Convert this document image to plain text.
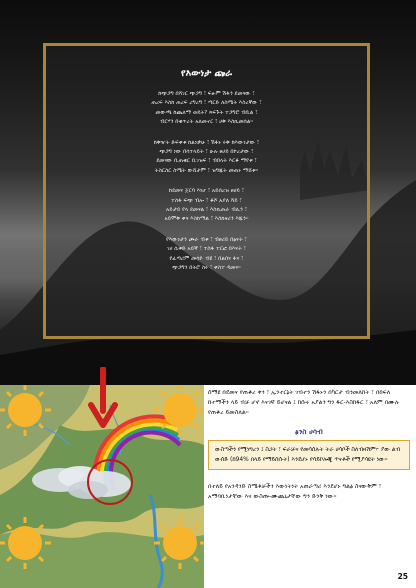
የእውነታ ጩራ
ከጭጋግ በሻገር ጭጋግ ፣ ፍፁም ሽፋን ደመናው ፣
ጠረፍ እስከ ጠረፍ ረግረግ ፣ ጣርድ ለስሜት እስረኛው ፣
መውጫ ከጨለማ ወዴት? ጻፍጉት ተጋግሮ ብቢል ፣
ብርሃን በቁጥረት አለመኖር ፣ ሀቅ እስኪመሰል።
ከቅዠት ድፍቀቱ ከልነቃሁ ፣ ሽፋኑ ሩቅ ከእውነታው ፣
ጭጋግ ነው በሳተላይት ፣ ሁሉ ፀሀይ በኮረታው ፣
ደመናው ቢጠቁር ቢገዝፍ ፣ ብበላት እርቆ ማየቱ ፣
ትስርስር ስሜት ውሸታም ፣ ዝግጁት መጠኑ ማሸቱ።
ከደመና ጀርባ እነሆ ፣ አይሰረዝ ፀሀይ ፣
ተስፋ ፍጭ ብሎ ፣ ቆሾ አያለ ሻይ ፣
አይታይ የላ ደመናል ፣ እስኪጠራ ብሊን ፣
አይሞቅ ቀና እስከማል ፣ እስከዛሪን እጁን።
የእውነታን ጮራ ብቱ ፣ ብፀሪይ በፅናት ፣
ገሀ ሲቀድ አይኛ ፣ ተስፋ ተርፎ በእናት ፣
የፈጣሪም መሳዮ ብዩ ፣ በልበና ፋና ፣
ጭጋግን በትሮ ስሩ ፣ ቀስተ ዳመና።

ሰማዩ በደመና የጠቆረ ቀን ፣ ኢንተርኔት ገብተን ሽፋኑን በካርታ ብንመለከት ፣ በከፍለ ከተማችን ላይ ብቻ ሆኖ እናገኛ ይሆናል ፤ ከሱሩ አያልን ግን ፋር-እስከፋር ፣ አለም በሙሉ የጠቆረ ይመስለል።

ፅንስ ሀሳብ
ውስጣችን የሚነግረን ፤ ስጋት ፣ ፍራቻና የመሳሰሉት ትራ ሀሳቦች ስለብዛሽም፦ ያው ልብ ውሰድ (ከ94% በላይ የማይሰሱት) እንደሆኑ የሳይኮሎጂ ጥናቶች የሚያሳዩት ነው።

በተለይ የአንዳንድ ስሜቶቻችን እውነትነት አጠራጣሪ እንደሆኑ ግልፅ ስናውቅም ፣ አማባቢነታቸው እና ውስጡ-ሙጨኒታቸው ግን ድንቅ ነው።

25
